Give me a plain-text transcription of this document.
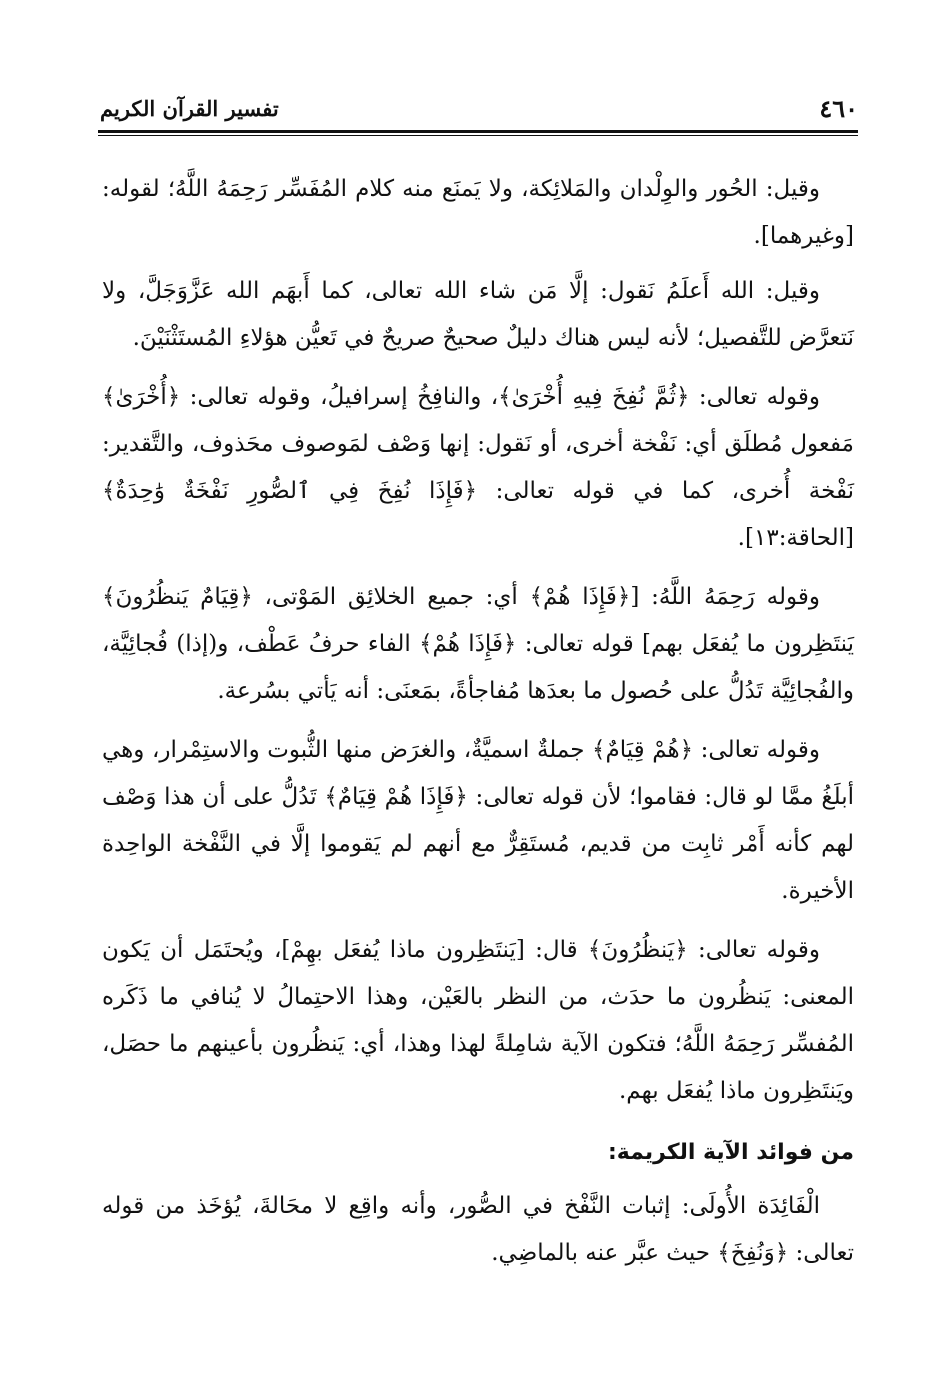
٤٦٠
تفسير القرآن الكريم

وقيل: الحُور والوِلْدان والمَلائِكة، ولا يَمنَع منه كلام المُفَسِّر رَحِمَهُ اللَّهُ؛ لقوله: [وغيرهما].

وقيل: الله أَعلَمُ نَقول: إلَّا مَن شاء الله تعالى، كما أَبهَم الله عَزَّوَجَلَّ، ولا نَتعرَّض للتَّفصيل؛ لأنه ليس هناك دليلٌ صحيحٌ صريحٌ في تَعيُّن هؤلاءِ المُستَثْنَيْنَ.

وقوله تعالى: ﴿ثُمَّ نُفِخَ فِيهِ أُخْرَىٰ﴾، والنافِخُ إسرافيلُ، وقوله تعالى: ﴿أُخْرَىٰ﴾ مَفعول مُطلَق أي: نَفْخة أخرى، أو نَقول: إنها وَصْف لمَوصوف محَذوف، والتَّقدير: نَفْخة أُخرى، كما في قوله تعالى: ﴿فَإِذَا نُفِخَ فِي ٱلصُّورِ نَفْخَةٌ وَٰحِدَةٌ﴾ [الحاقة:١٣].

وقوله رَحِمَهُ اللَّهُ: [﴿فَإِذَا هُمْ﴾ أي: جميع الخلائِق المَوْتى، ﴿قِيَامٌ يَنظُرُونَ﴾ يَنتَظِرون ما يُفعَل بهم] قوله تعالى: ﴿فَإِذَا هُمْ﴾ الفاء حرفُ عَطْف، و(إذا) فُجائِيَّة، والفُجائِيَّة تَدُلُّ على حُصول ما بعدَها مُفاجأةً، بمَعنَى: أنه يَأتي بسُرعة.

وقوله تعالى: ﴿هُمْ قِيَامٌ﴾ جملةٌ اسميَّةٌ، والغرَض منها الثُّبوت والاستِمْرار، وهي أبلَغُ ممَّا لو قال: فقاموا؛ لأن قوله تعالى: ﴿فَإِذَا هُمْ قِيَامٌ﴾ تَدُلُّ على أن هذا وَصْف لهم كأنه أَمْر ثابِت من قديم، مُستَقِرٌّ مع أنهم لم يَقوموا إلَّا في النَّفْخة الواحِدة الأخيرة.

وقوله تعالى: ﴿يَنظُرُونَ﴾ قال: [يَنتَظِرون ماذا يُفعَل بهِمْ]، ويُحتَمَل أن يَكون المعنى: يَنظُرون ما حدَث، من النظر بالعَيْن، وهذا الاحتِمالُ لا يُنافي ما ذَكَره المُفسِّر رَحِمَهُ اللَّهُ؛ فتكون الآية شامِلةً لهذا وهذا، أي: يَنظُرون بأعينهم ما حصَل، ويَنتَظِرون ماذا يُفعَل بهم.

من فوائد الآية الكريمة:

الْفَائِدَة الأُولَى: إثبات النَّفْخ في الصُّور، وأنه واقِع لا محَالةَ، يُؤخَذ من قوله تعالى: ﴿وَنُفِخَ﴾ حيث عبَّر عنه بالماضِي.
